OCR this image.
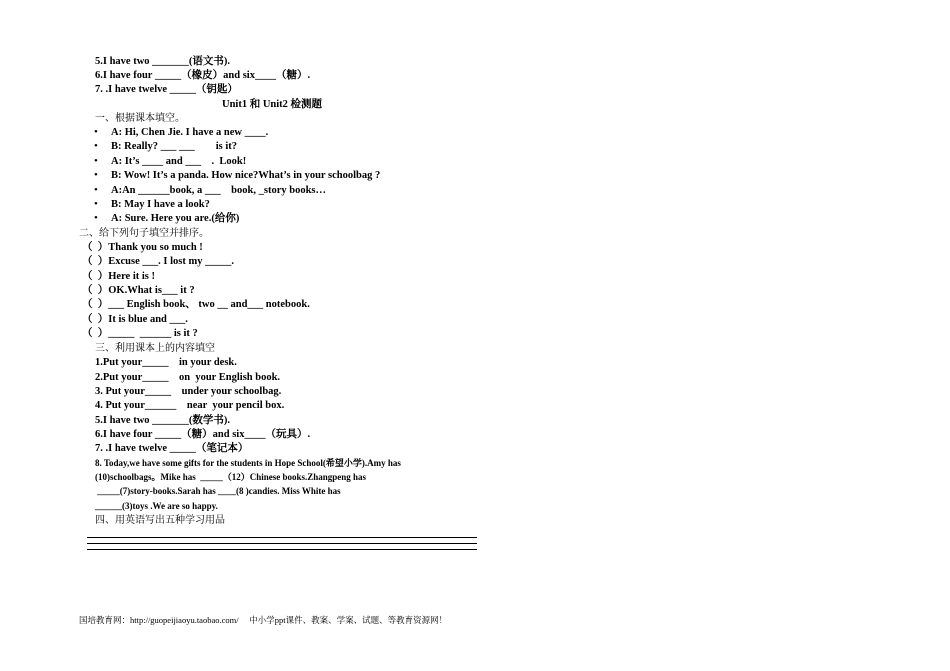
5.I have two _______(语文书).
6.I have four _____（橡皮）and six____（糖）.
7. .I have twelve _____（钥匙）
Unit1 和 Unit2 检测题
一、根据课本填空。
• A: Hi, Chen Jie. I have a new ____.
• B: Really? ___ ___        is it?
• A: It’s ____ and ___    .  Look!
• B: Wow! It’s a panda. How nice?What’s in your schoolbag ?
• A:An ______book, a ___    book, _story books…
• B: May I have a look?
• A: Sure. Here you are.(给你)
二、给下列句子填空并排序。
（  ）Thank you so much !
（  ）Excuse ___. I lost my _____.
（  ）Here it is !
（  ）OK.What is___ it ?
（  ）___ English book、 two __ and___ notebook.
（  ）It is blue and ___.
（  ）_____  ______ is it ?
三、利用课本上的内容填空
1.Put your_____    in your desk.
2.Put your_____    on  your English book.
3. Put your_____    under your schoolbag.
4. Put your______    near  your pencil box.
5.I have two _______(数学书).
6.I have four _____（糖）and six____（玩具）.
7. .I have twelve _____（笔记本）
8. Today,we have some gifts for the students in Hope School(希望小学).Amy has
(10)schoolbags。Mike has  _____（12）Chinese books.Zhangpeng has
_____(7)story-books.Sarah has ____(8 )candies. Miss White has
______(3)toys .We are so happy.
四、用英语写出五种学习用品
国培教育网：http://guopeijiaoyu.taobao.com/     中小学ppt课件、教案、学案、试题、等教育资源网！
